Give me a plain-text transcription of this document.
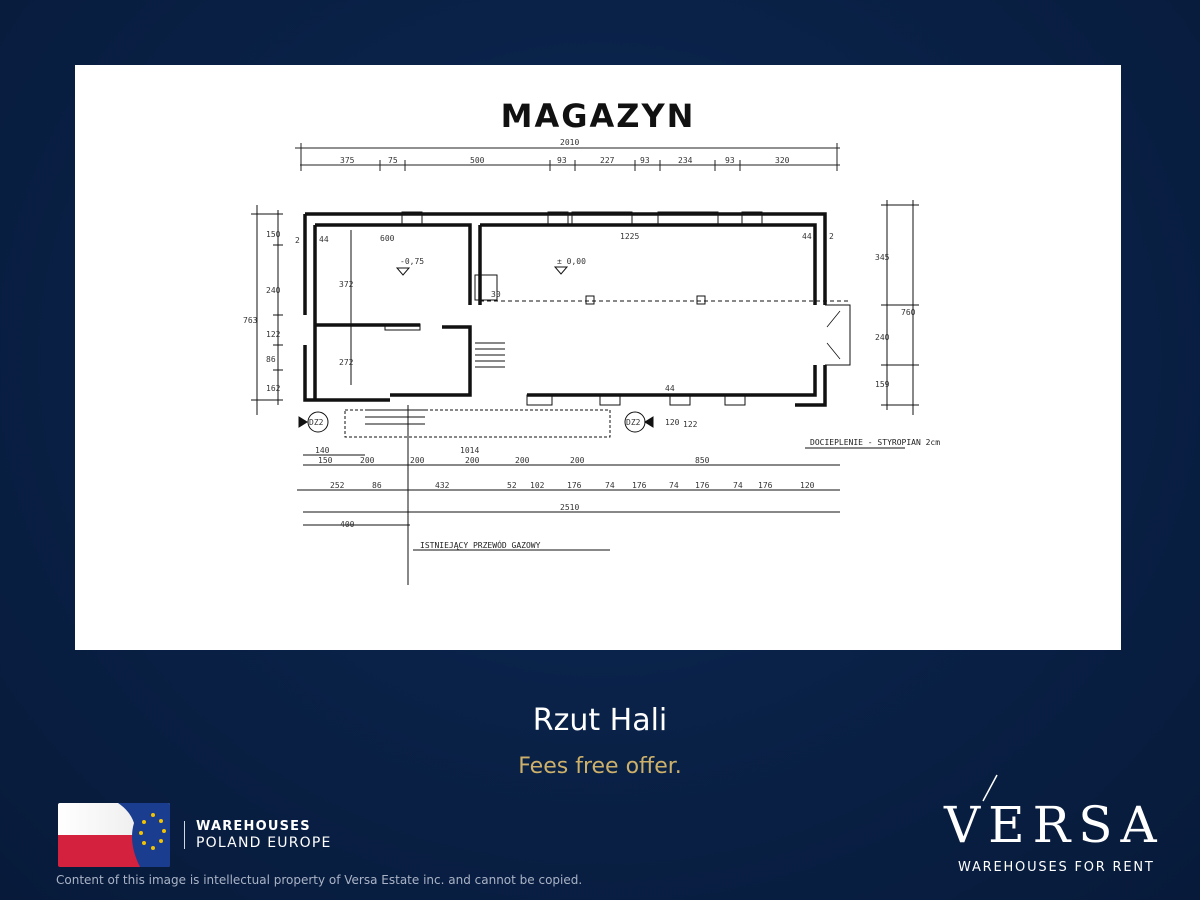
MAGAZYN
2010
375	75	500	93	227	93	234	93	320
600	1225
44	44
2	2
-0,75	± 0,00
763
150
240
122
86
162
372
272
345
240
159
760
DZ2	DZ2
140
150	200	200	200	200	200
1014
850
252	86	432	52 102	176	74 176	74 176	74 176	120
2510
400
ISTNIEJĄCY PRZEWÓD GAZOWY
DOCIEPLENIE - STYROPIAN 2cm
120 122
30
44
Rzut Hali
Fees free offer.
WAREHOUSES
POLAND EUROPE
Content of this image is intellectual property of Versa Estate inc. and cannot be copied.
VERSA
WAREHOUSES FOR RENT
